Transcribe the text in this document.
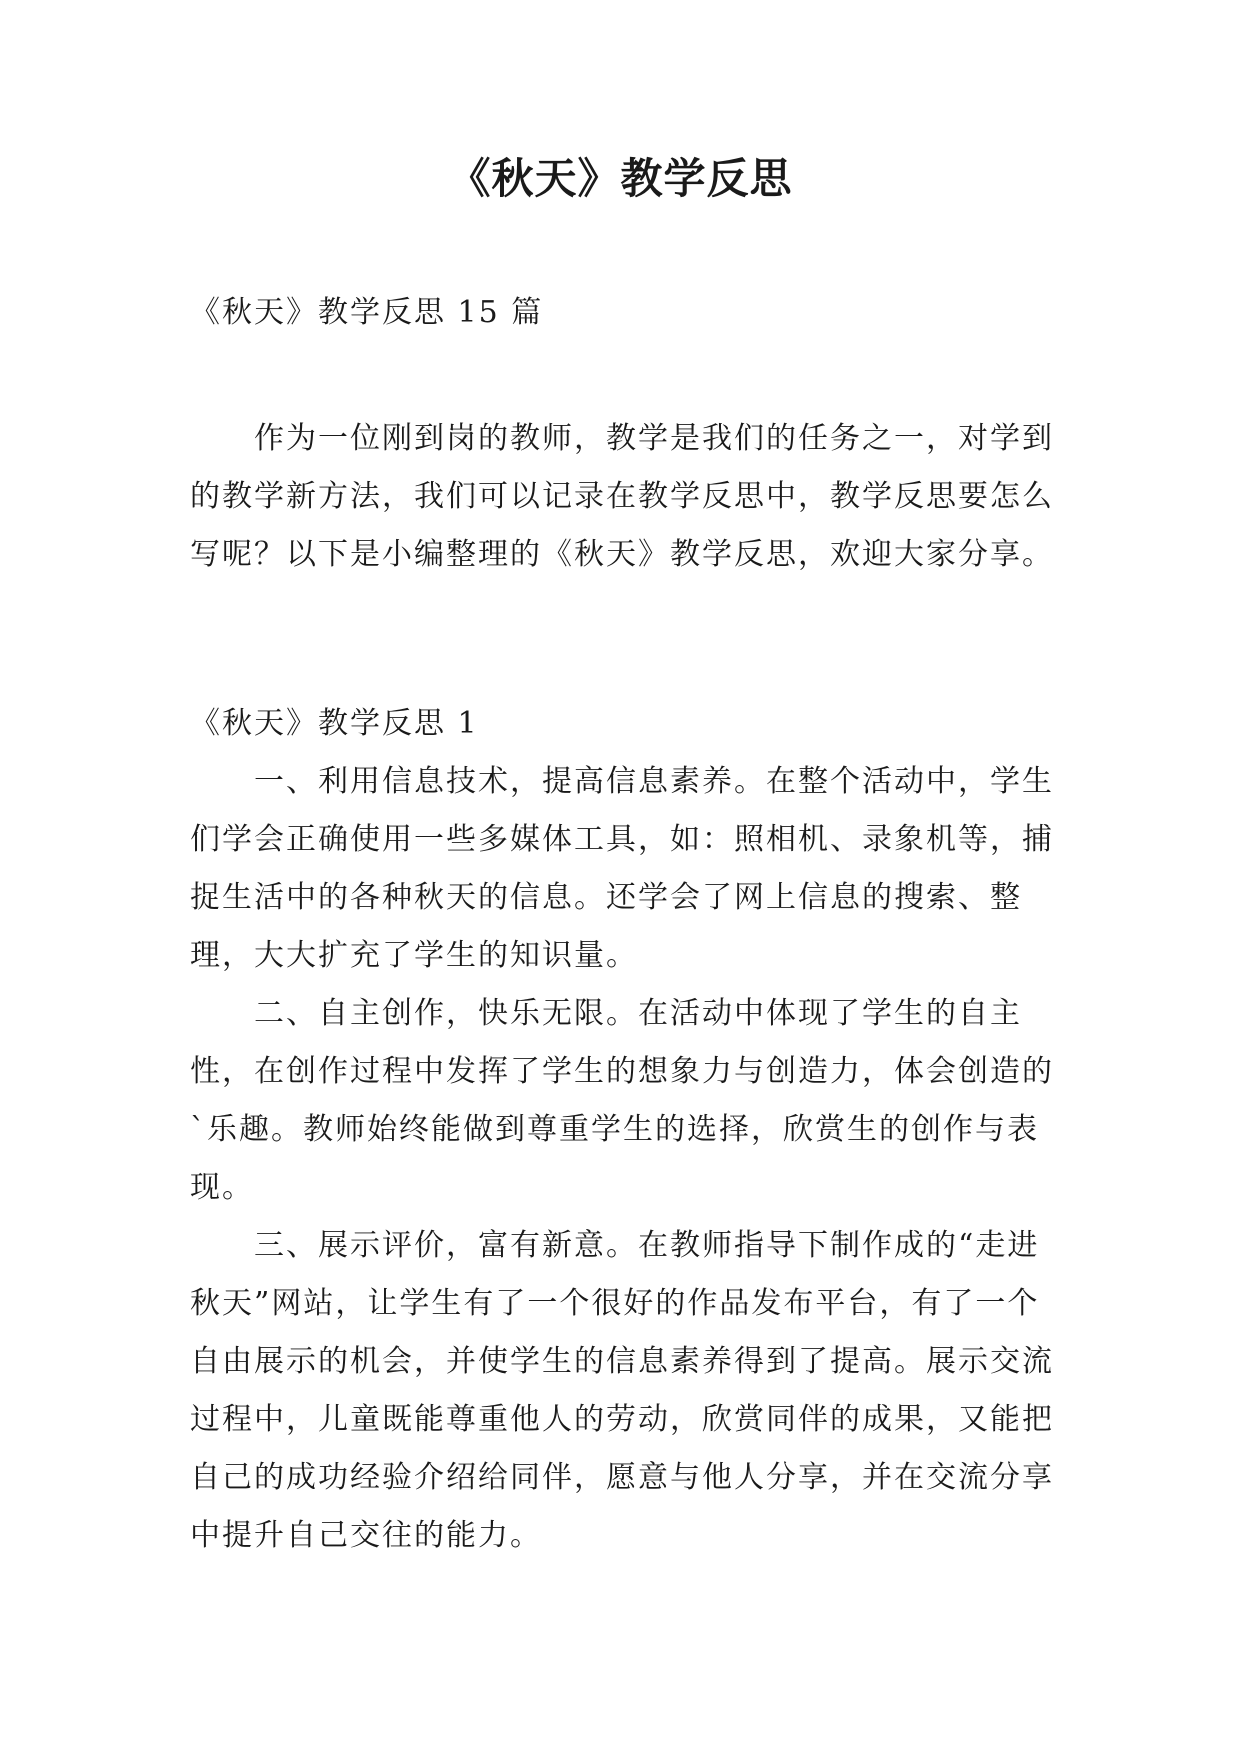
《秋天》教学反思

《秋天》教学反思 15 篇

作为一位刚到岗的教师，教学是我们的任务之一，对学到的教学新方法，我们可以记录在教学反思中，教学反思要怎么写呢？以下是小编整理的《秋天》教学反思，欢迎大家分享。

《秋天》教学反思 1

一、利用信息技术，提高信息素养。在整个活动中，学生们学会正确使用一些多媒体工具，如：照相机、录象机等，捕捉生活中的各种秋天的信息。还学会了网上信息的搜索、整理，大大扩充了学生的知识量。

二、自主创作，快乐无限。在活动中体现了学生的自主性，在创作过程中发挥了学生的想象力与创造力，体会创造的`乐趣。教师始终能做到尊重学生的选择，欣赏生的创作与表现。

三、展示评价，富有新意。在教师指导下制作成的“走进秋天”网站，让学生有了一个很好的作品发布平台，有了一个自由展示的机会，并使学生的信息素养得到了提高。展示交流过程中，儿童既能尊重他人的劳动，欣赏同伴的成果，又能把自己的成功经验介绍给同伴，愿意与他人分享，并在交流分享中提升自己交往的能力。
